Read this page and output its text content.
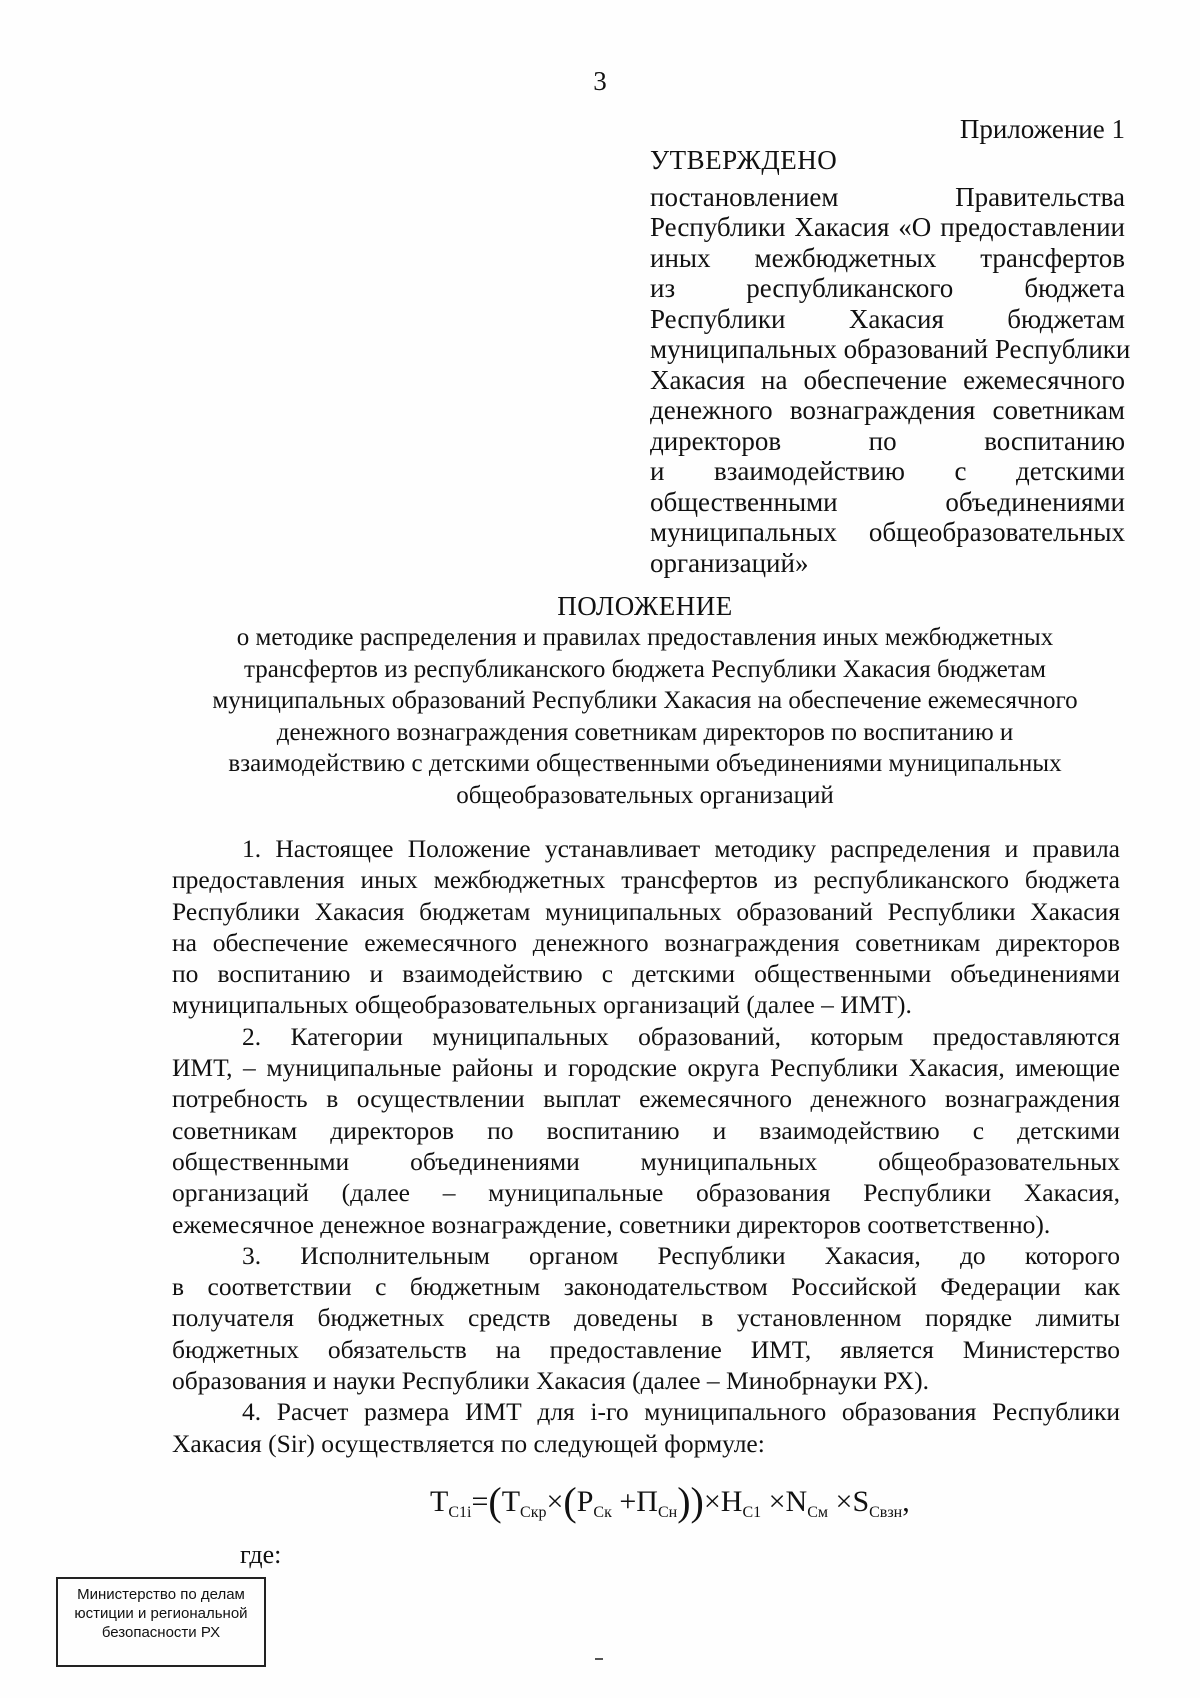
3
Приложение 1
УТВЕРЖДЕНО
постановлением Правительства
Республики Хакасия «О предоставлении
иных межбюджетных трансфертов
из республиканского бюджета
Республики Хакасия бюджетам
муниципальных образований Республики
Хакасия на обеспечение ежемесячного
денежного вознаграждения советникам
директоров по воспитанию
и взаимодействию с детскими
общественными объединениями
муниципальных общеобразовательных
организаций»
ПОЛОЖЕНИЕ
о методике распределения и правилах предоставления иных межбюджетных
трансфертов из республиканского бюджета Республики Хакасия бюджетам
муниципальных образований Республики Хакасия на обеспечение ежемесячного
денежного вознаграждения советникам директоров по воспитанию и
взаимодействию с детскими общественными объединениями муниципальных
общеобразовательных организаций
1. Настоящее Положение устанавливает методику распределения и правила
предоставления иных межбюджетных трансфертов из республиканского бюджета
Республики Хакасия бюджетам муниципальных образований Республики Хакасия
на обеспечение ежемесячного денежного вознаграждения советникам директоров
по воспитанию и взаимодействию с детскими общественными объединениями
муниципальных общеобразовательных организаций (далее – ИМТ).
2. Категории муниципальных образований, которым предоставляются
ИМТ, – муниципальные районы и городские округа Республики Хакасия, имеющие
потребность в осуществлении выплат ежемесячного денежного вознаграждения
советникам директоров по воспитанию и взаимодействию с детскими
общественными объединениями муниципальных общеобразовательных
организаций (далее – муниципальные образования Республики Хакасия,
ежемесячное денежное вознаграждение, советники директоров соответственно).
3. Исполнительным органом Республики Хакасия, до которого
в соответствии с бюджетным законодательством Российской Федерации как
получателя бюджетных средств доведены в установленном порядке лимиты
бюджетных обязательств на предоставление ИМТ, является Министерство
образования и науки Республики Хакасия (далее – Минобрнауки РХ).
4. Расчет размера ИМТ для i-го муниципального образования Республики
Хакасия (Sir) осуществляется по следующей формуле:
$T_{C1i}=(T_{Скр}\times(P_{Ск} +П_{Сн}))\times H_{C1} \times N_{См} \times S_{Свзн}$,
где:
Министерство по делам
юстиции и региональной
безопасности РХ
